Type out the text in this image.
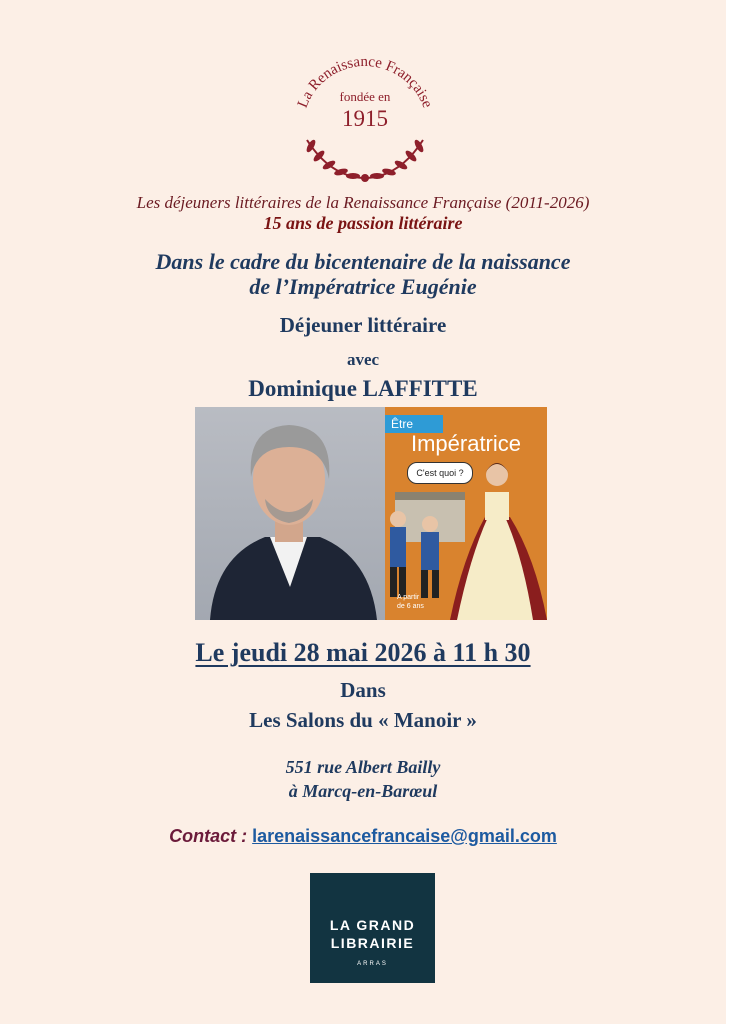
La Renaissance Française
fondée en
1915
Les déjeuners littéraires de la Renaissance Française (2011-2026)
15 ans de passion littéraire
Dans le cadre du bicentenaire de la naissance
de l’Impératrice Eugénie
Déjeuner littéraire
avec
Dominique LAFFITTE
Être
Impératrice
C'est quoi ?
A partir
de 6 ans
Le jeudi 28 mai 2026 à 11 h 30
Dans
Les Salons du « Manoir »
551 rue Albert Bailly
à Marcq-en-Barœul
Contact : larenaissancefrancaise@gmail.com
LA GRAND
LIBRAIRIE
ARRAS
